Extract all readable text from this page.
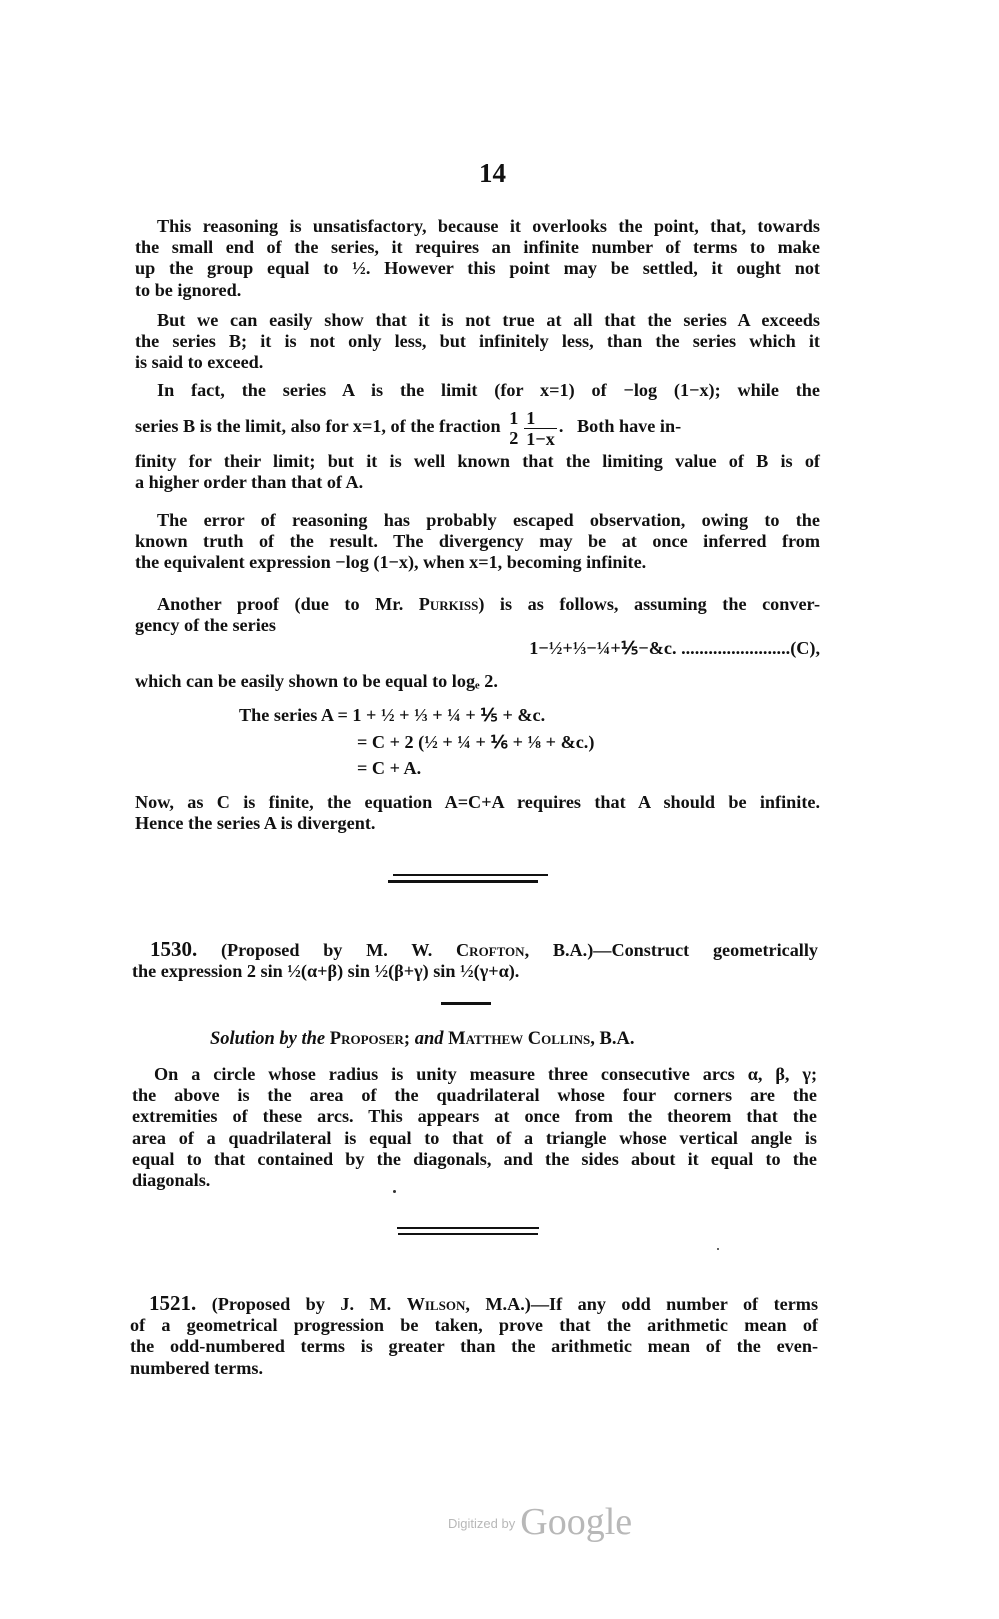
14
This reasoning is unsatisfactory, because it overlooks the point, that, towards
the small end of the series, it requires an infinite number of terms to make
up the group equal to ½. However this point may be settled, it ought not
to be ignored.
But we can easily show that it is not true at all that the series A exceeds
the series B; it is not only less, but infinitely less, than the series which it
is said to exceed.
In fact, the series A is the limit (for x=1) of −log (1−x); while the
series B is the limit, also for x=1, of the fraction 1
$2 \frac{1}{1-x}$ .   Both have in-
finity for their limit; but it is well known that the limiting value of B is of
a higher order than that of A.
The error of reasoning has probably escaped observation, owing to the
known truth of the result. The divergency may be at once inferred from
the equivalent expression −log (1−x), when x=1, becoming infinite.
Another proof (due to Mr. Purkiss) is as follows, assuming the conver-
gency of the series
1−½+⅓−¼+⅕−&c. ........................(C),
which can be easily shown to be equal to logₑ 2.
The series A = 1 + ½ + ⅓ + ¼ + ⅕ + &c.
= C + 2 (½ + ¼ + ⅙ + ⅛ + &c.)
= C + A.
Now, as C is finite, the equation A=C+A requires that A should be infinite.
Hence the series A is divergent.
1530. (Proposed by M. W. Crofton, B.A.)—Construct geometrically
the expression 2 sin ½(α+β) sin ½(β+γ) sin ½(γ+α).
Solution by the Proposer; and Matthew Collins, B.A.
On a circle whose radius is unity measure three consecutive arcs α, β, γ;
the above is the area of the quadrilateral whose four corners are the
extremities of these arcs. This appears at once from the theorem that the
area of a quadrilateral is equal to that of a triangle whose vertical angle is
equal to that contained by the diagonals, and the sides about it equal to the
diagonals.
1521. (Proposed by J. M. Wilson, M.A.)—If any odd number of terms
of a geometrical progression be taken, prove that the arithmetic mean of
the odd-numbered terms is greater than the arithmetic mean of the even-
numbered terms.
$^{Digitized by}$ Google
